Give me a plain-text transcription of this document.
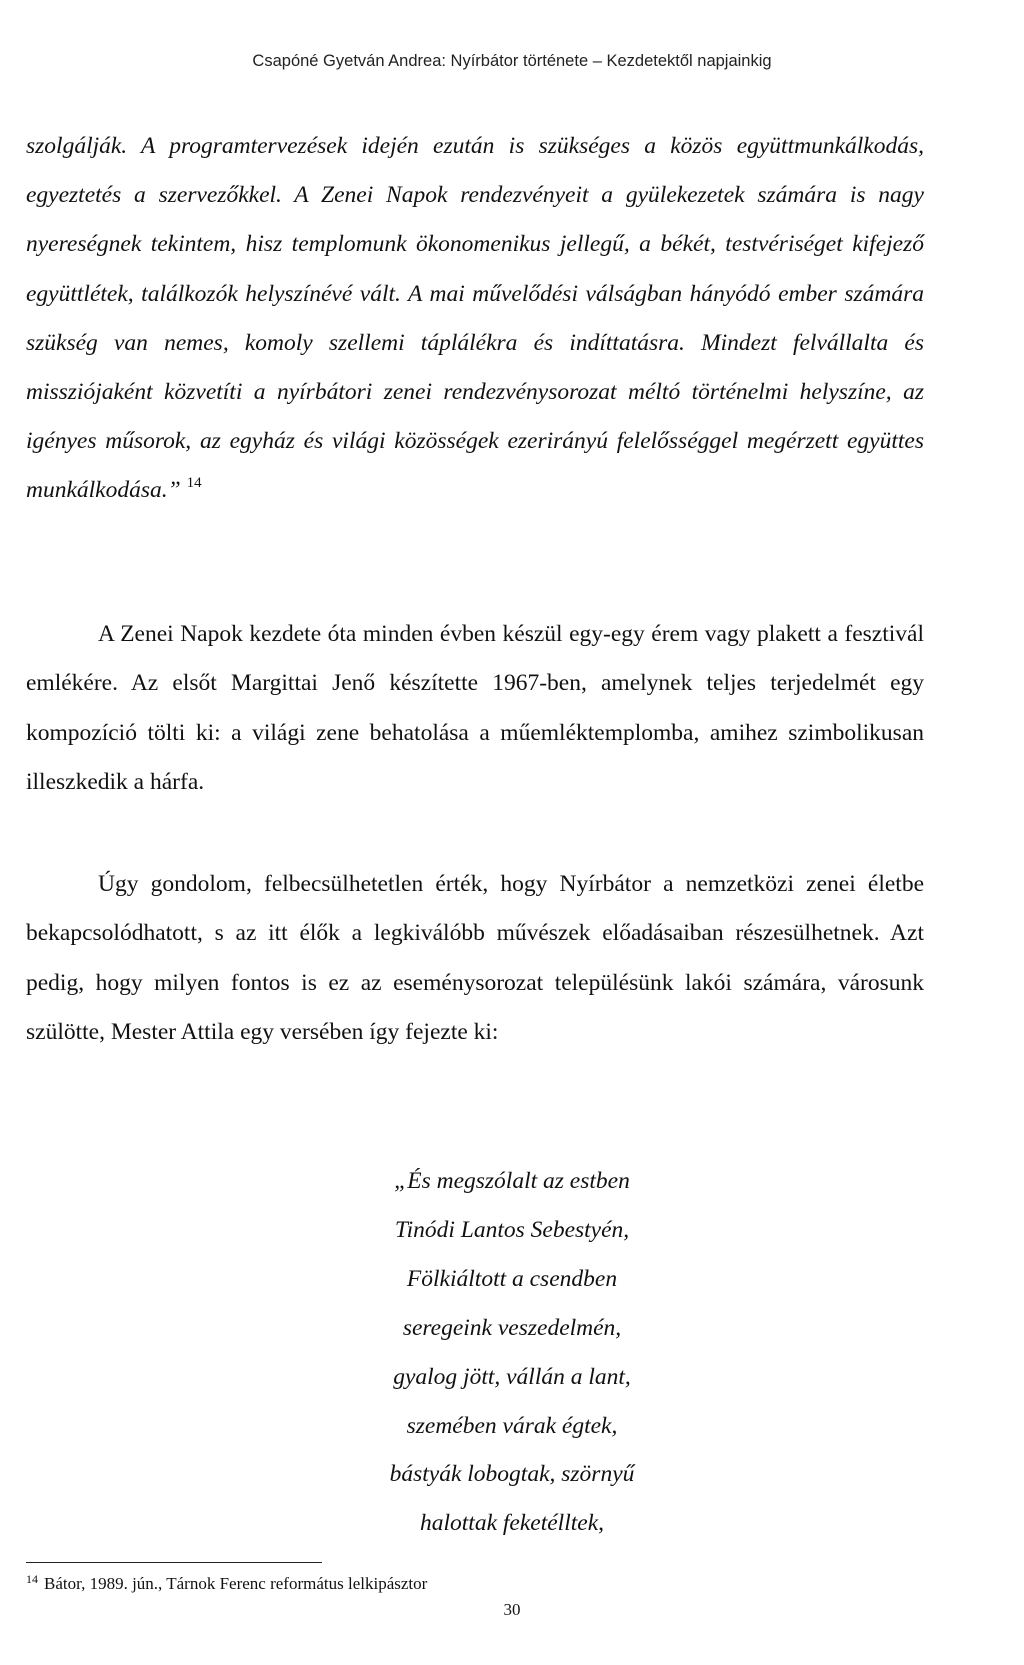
Csapóné Gyetván Andrea: Nyírbátor története – Kezdetektől napjainkig

szolgálják. A programtervezések idején ezután is szükséges a közös együttmunkálkodás, egyeztetés a szervezőkkel. A Zenei Napok rendezvényeit a gyülekezetek számára is nagy nyereségnek tekintem, hisz templomunk ökonomenikus jellegű, a békét, testvériséget kifejező együttlétek, találkozók helyszínévé vált. A mai művelődési válságban hányódó ember számára szükség van nemes, komoly szellemi táplálékra és indíttatásra. Mindezt felvállalta és missziójaként közvetíti a nyírbátori zenei rendezvénysorozat méltó történelmi helyszíne, az igényes műsorok, az egyház és világi közösségek ezerirányú felelősséggel megérzett együttes munkálkodása.” $^{14}$

A Zenei Napok kezdete óta minden évben készül egy-egy érem vagy plakett a fesztivál emlékére. Az elsőt Margittai Jenő készítette 1967-ben, amelynek teljes terjedelmét egy kompozíció tölti ki: a világi zene behatolása a műemléktemplomba, amihez szimbolikusan illeszkedik a hárfa.

Úgy gondolom, felbecsülhetetlen érték, hogy Nyírbátor a nemzetközi zenei életbe bekapcsolódhatott, s az itt élők a legkiválóbb művészek előadásaiban részesülhetnek. Azt pedig, hogy milyen fontos is ez az eseménysorozat településünk lakói számára, városunk szülötte, Mester Attila egy versében így fejezte ki:

„És megszólalt az estben
Tinódi Lantos Sebestyén,
Fölkiáltott a csendben
seregeink veszedelmén,
gyalog jött, vállán a lant,
szemében várak égtek,
bástyák lobogtak, szörnyű
halottak feketélltek,
$^{14}$ Bátor, 1989. jún., Tárnok Ferenc református lelkipásztor
30
